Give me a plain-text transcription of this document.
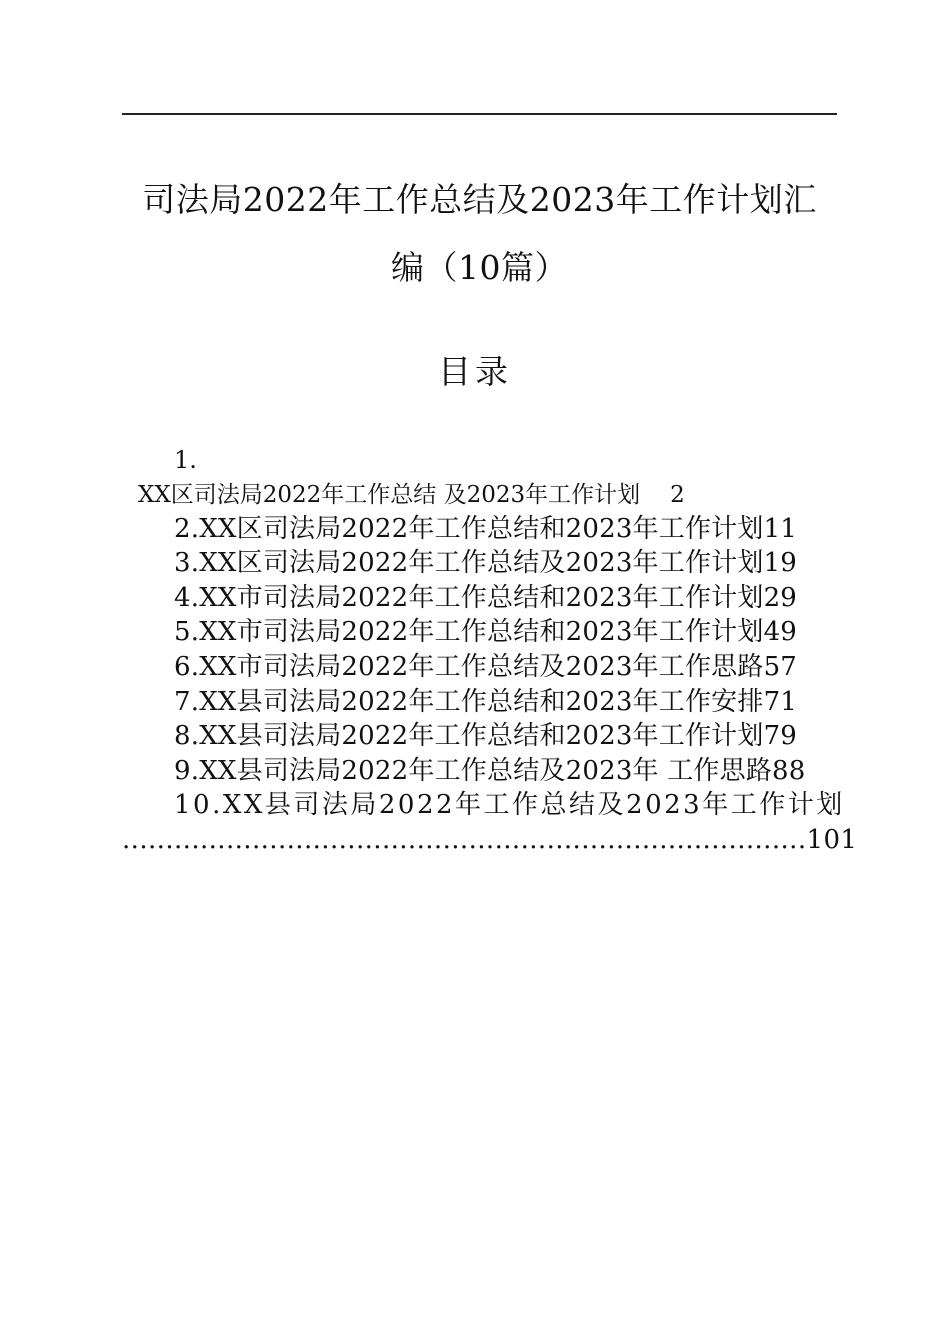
司法局2022年工作总结及2023年工作计划汇
编（10篇）
目录
1.
XX区司法局2022年工作总结 及2023年工作计划 2
2.XX区司法局2022年工作总结和2023年工作计划11
3.XX区司法局2022年工作总结及2023年工作计划19
4.XX市司法局2022年工作总结和2023年工作计划29
5.XX市司法局2022年工作总结和2023年工作计划49
6.XX市司法局2022年工作总结及2023年工作思路57
7.XX县司法局2022年工作总结和2023年工作安排71
8.XX县司法局2022年工作总结和2023年工作计划79
9.XX县司法局2022年工作总结及2023年 工作思路88
10.XX县司法局2022年工作总结及2023年工作计划
...............................................................................101
